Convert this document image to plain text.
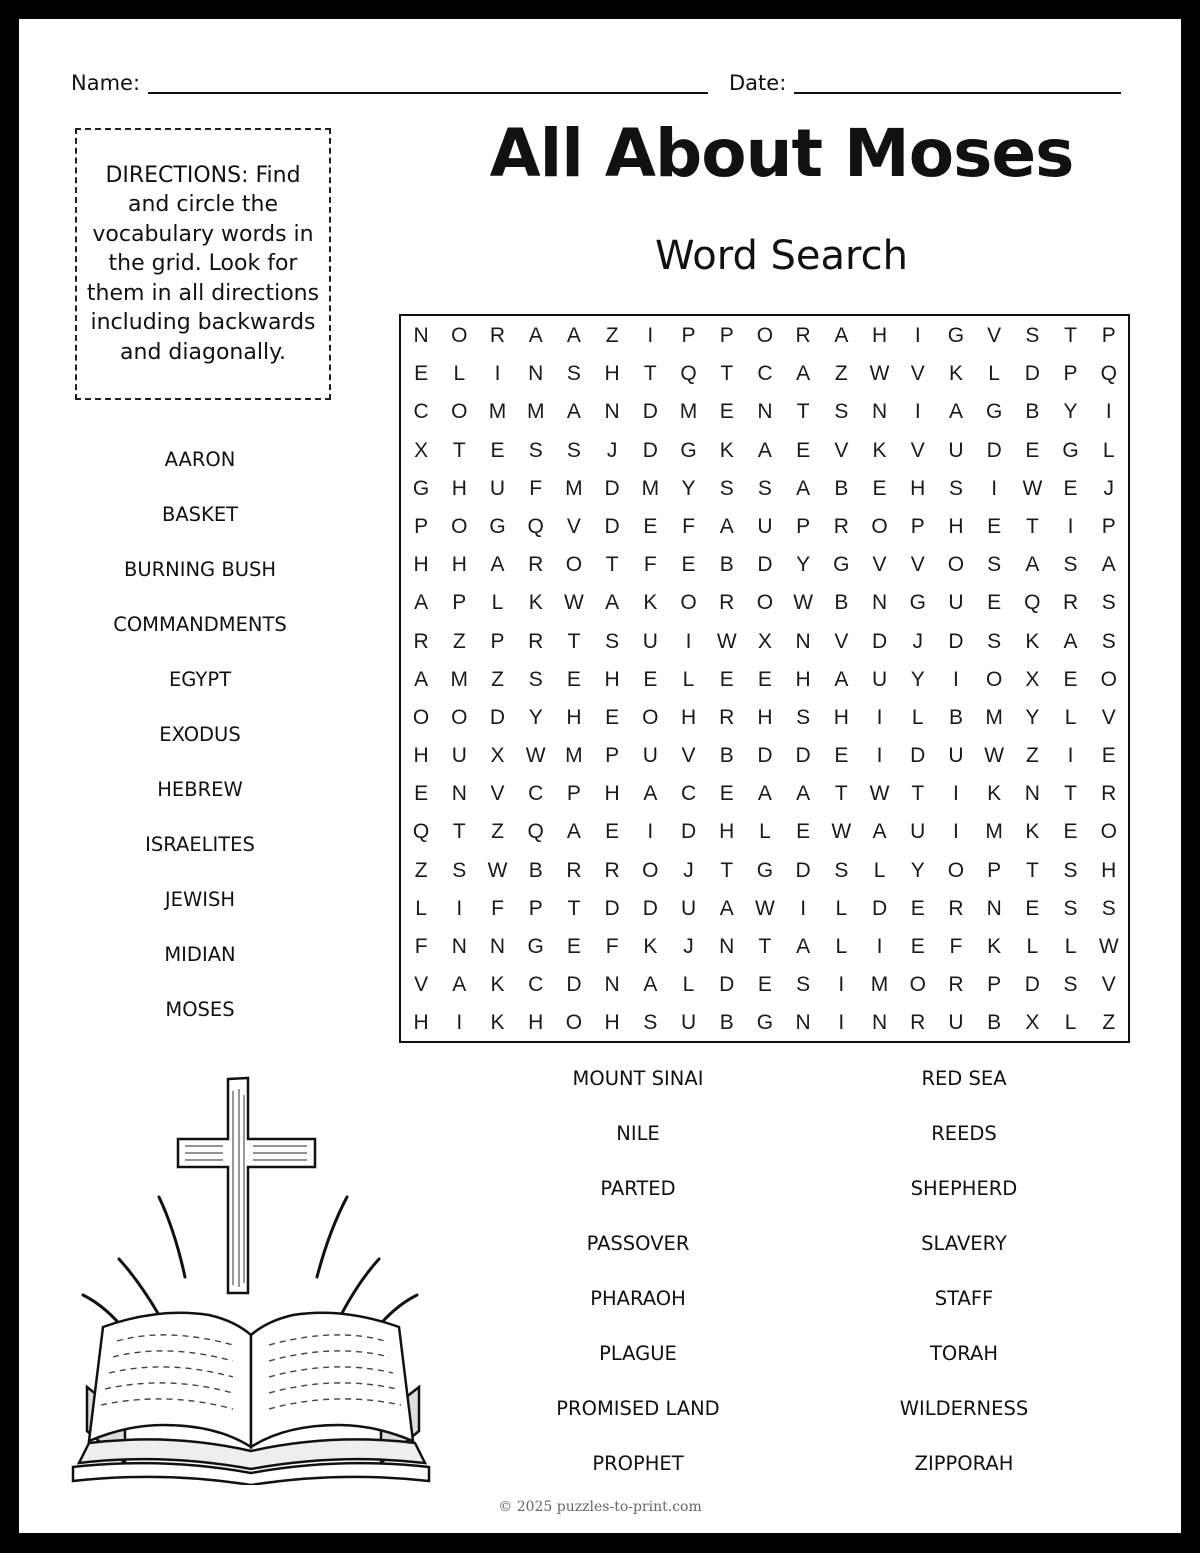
Name:	Date:
DIRECTIONS: Find and circle the vocabulary words in the grid. Look for them in all directions including backwards and diagonally.
All About Moses
Word Search
N	O	R	A	A	Z	I	P	P	O	R	A	H	I	G	V	S	T	P
E	L	I	N	S	H	T	Q	T	C	A	Z	W	V	K	L	D	P	Q
C	O	M M	A	N	D	M	E	N	T	S	N	I	A	G	B	Y	I
X	T	E	S	S	J	D	G	K	A	E	V	K	V	U	D	E	G	L
G	H	U	F	M	D	M	Y	S	S	A	B	E	H	S	I	W	E	J
P	O	G	Q	V	D	E	F	A	U	P	R	O	P	H	E	T	I	P
H	H	A	R	O	T	F	E	B	D	Y	G	V	V	O	S	A	S	A
A	P	L	K	W	A	K	O	R	O W	B	N	G	U	E	Q	R	S
R	Z	P	R	T	S	U	I	W	X	N	V	D	J	D	S	K	A	S
A	M	Z	S	E	H	E	L	E	E	H	A	U	Y	I	O	X	E	O
O	O	D	Y	H	E	O	H	R	H	S	H	I	L	B	M	Y	L	V
H	U	X	W M	P	U	V	B	D	D	E	I	D	U W	Z	I	E
E	N	V	C	P	H	A	C	E	A	A	T	W	T	I	K	N	T	R
Q	T	Z	Q	A	E	I	D	H	L	E	W	A	U	I	M	K	E	O
Z	S	W	B	R	R	O	J	T	G	D	S	L	Y	O	P	T	S	H
L	I	F	P	T	D	D	U	A	W	I	L	D	E	R	N	E	S	S
F	N	N	G	E	F	K	J	N	T	A	L	I	E	F	K	L	L	W
V	A	K	C	D	N	A	L	D	E	S	I	M	O	R	P	D	S	V
H	I	K	H	O	H	S	U	B	G	N	I	N	R	U	B	X	L	Z
AARON
BASKET
BURNING BUSH
COMMANDMENTS
EGYPT
EXODUS
HEBREW
ISRAELITES
JEWISH
MIDIAN
MOSES
MOUNT SINAI
NILE
PARTED
PASSOVER
PHARAOH
PLAGUE
PROMISED LAND
PROPHET
RED SEA
REEDS
SHEPHERD
SLAVERY
STAFF
TORAH
WILDERNESS
ZIPPORAH
© 2025 puzzles-to-print.com
